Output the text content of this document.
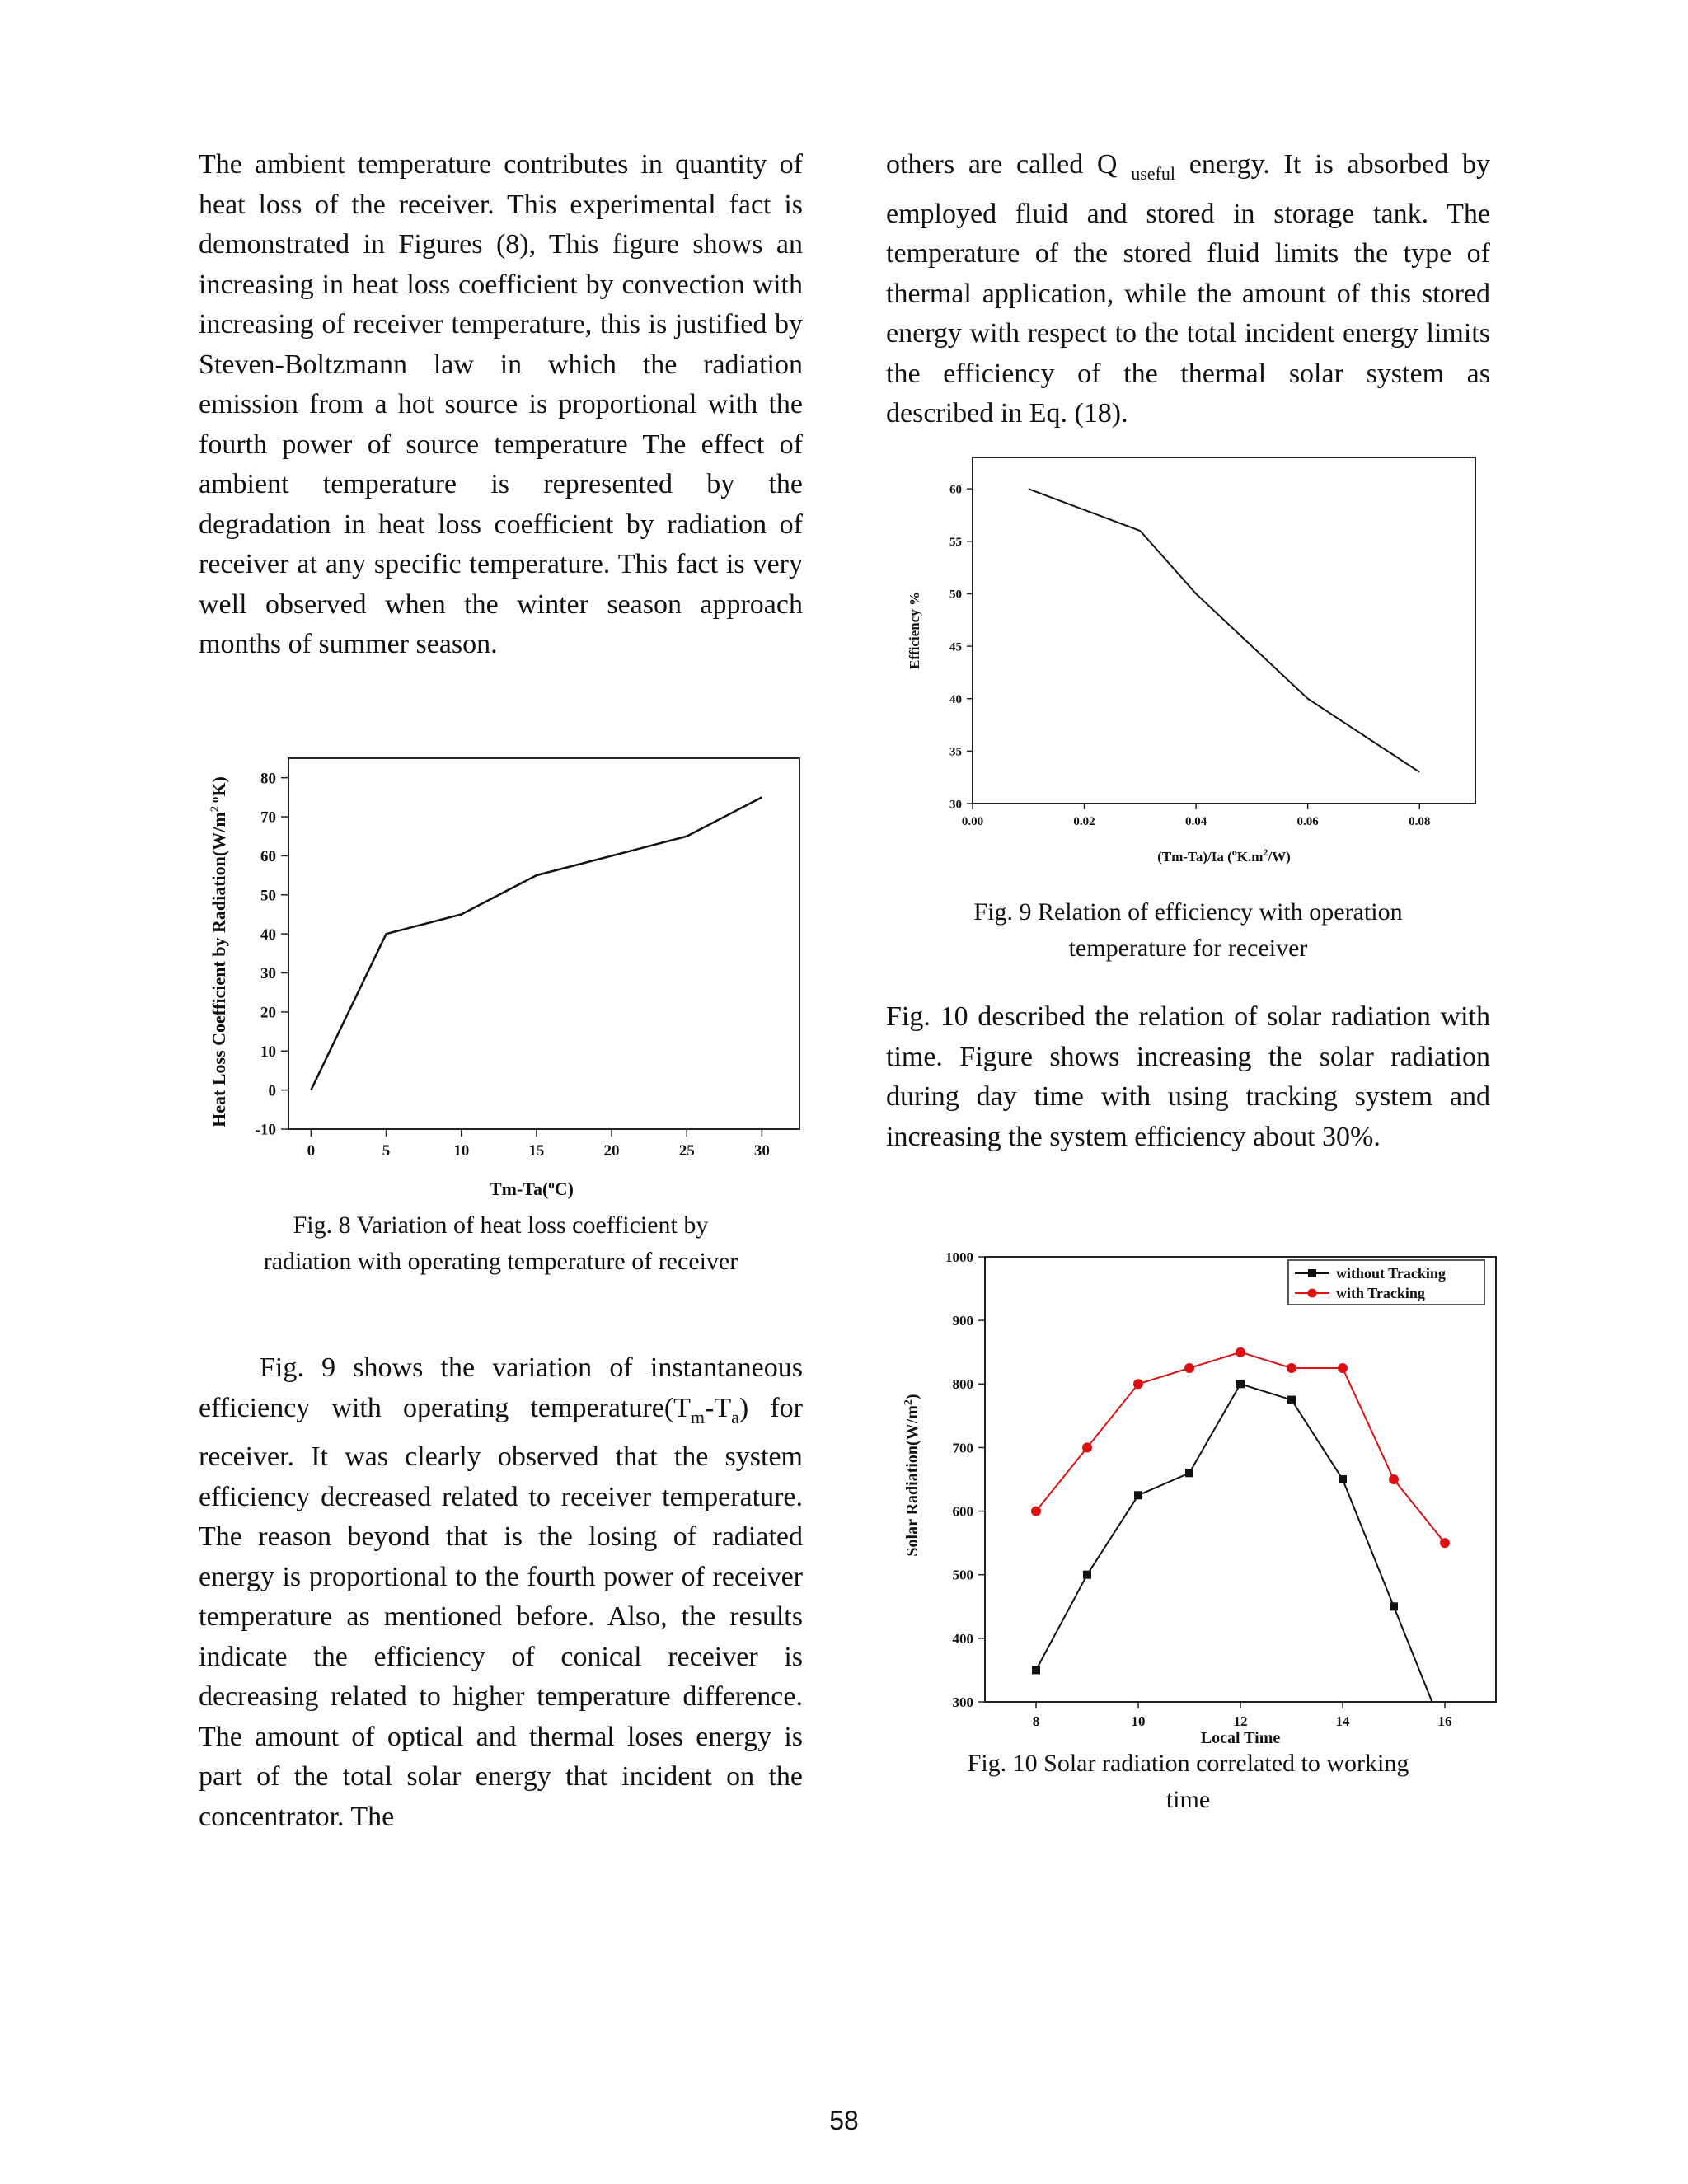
The ambient temperature contributes in quantity of heat loss of the receiver. This experimental fact is demonstrated in Figures (8), This figure shows an increasing in heat loss coefficient by convection with increasing of receiver temperature, this is justified by Steven-Boltzmann law in which the radiation emission from a hot source is proportional with the fourth power of source temperature The effect of ambient temperature is represented by the degradation in heat loss coefficient by radiation of receiver at any specific temperature. This fact is very well observed when the winter season approach months of summer season.

others are called Q $_{useful}$ energy. It is absorbed by employed fluid and stored in storage tank. The temperature of the stored fluid limits the type of thermal application, while the amount of this stored energy with respect to the total incident energy limits the efficiency of the thermal solar system as described in Eq. (18).

0.00	0.02	0.04	0.06	0.08
30
35
40
45
50
55
60
Efficiency %
(Tm-Ta)/Ia $(^oK.m^2/W)$
Fig. 9 Relation of efficiency with operation
temperature for receiver
Fig. 10 described the relation of solar radiation with time. Figure shows increasing the solar radiation during day time with using tracking system and increasing the system efficiency about 30%.
0	5	10	15	20	25	30
-10
0
10
20
30
40
50
60
70
80
Heat Loss Coefficient by $Radiation(W/m^{2 o}K)$
Tm-Ta($^o$C)
Fig. 8 Variation of heat loss coefficient by
radiation with operating temperature of receiver
Fig. 9 shows the variation of instantaneous efficiency with operating $temperature(T_m-T_a)$ for receiver. It was clearly observed that the system efficiency decreased related to receiver temperature. The reason beyond that is the losing of radiated energy is proportional to the fourth power of receiver temperature as mentioned before. Also, the results indicate the efficiency of conical receiver is decreasing related to higher temperature difference. The amount of optical and thermal loses energy is part of the total solar energy that incident on the concentrator. The
8	10	12	14	16
300
400
500
600
700
800
900
1000
without Tracking
with Tracking
Solar $Radiation(W/m^2)$
Local Time
Fig. 10 Solar radiation correlated to working
time
58
